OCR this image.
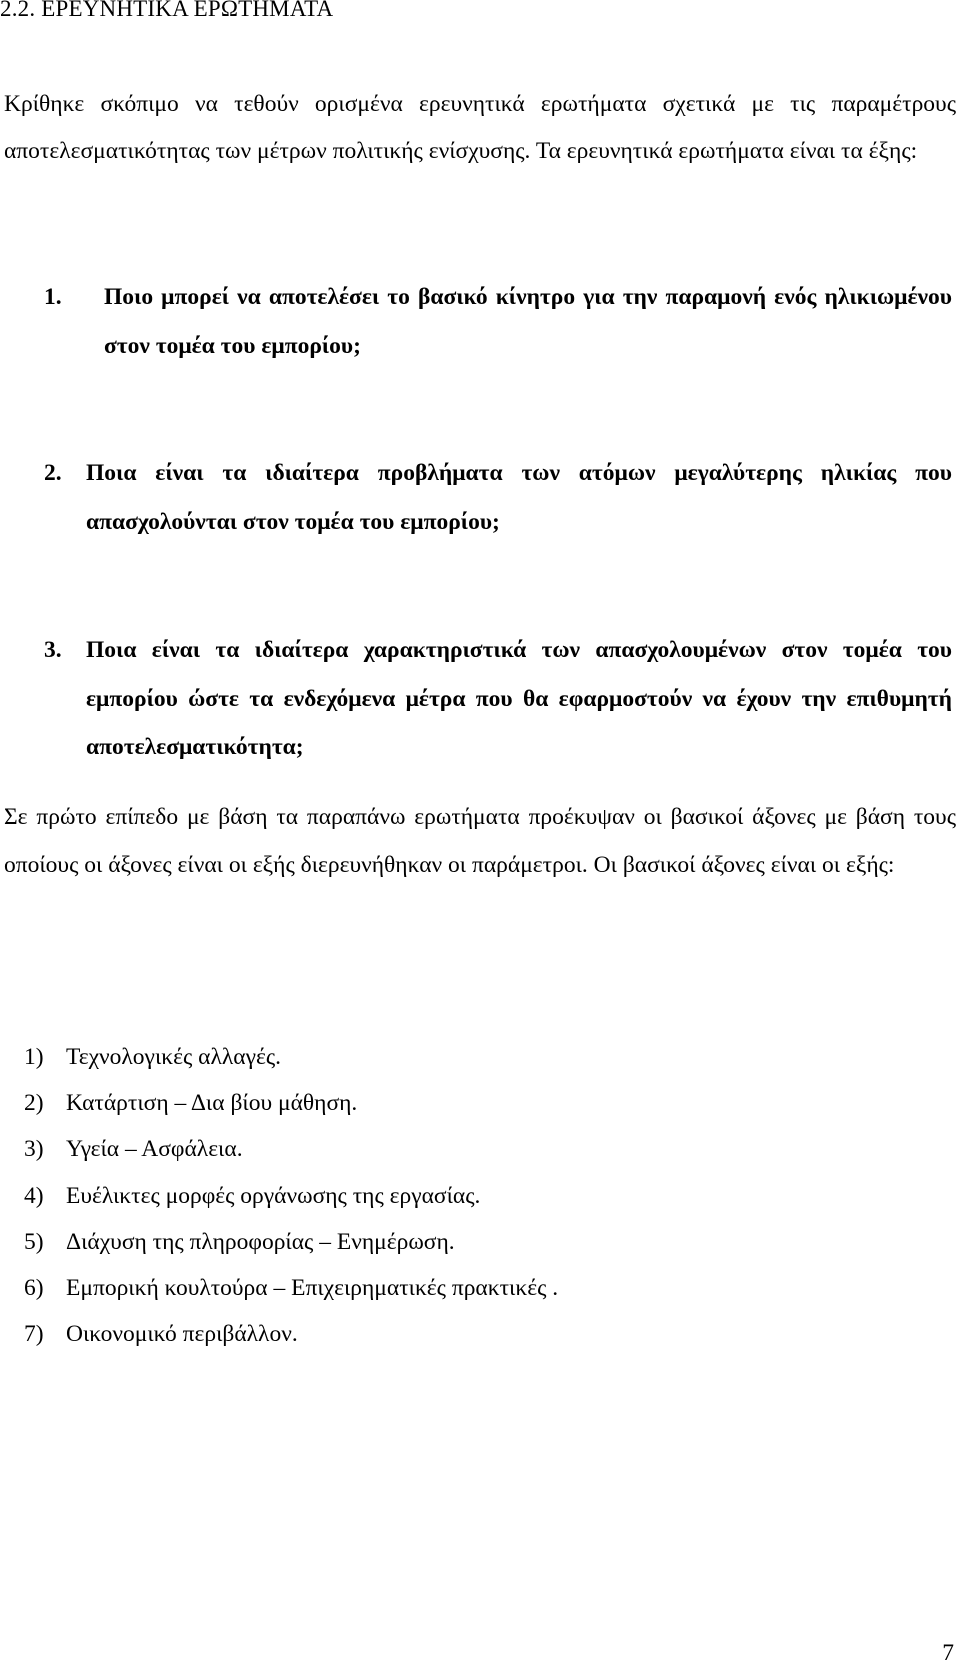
2.2. ΕΡΕΥΝΗΤΙΚΑ ΕΡΩΤΗΜΑΤΑ

Κρίθηκε σκόπιμο να τεθούν ορισμένα ερευνητικά ερωτήματα σχετικά με τις παραμέτρους αποτελεσματικότητας των μέτρων πολιτικής ενίσχυσης. Τα ερευνητικά ερωτήματα είναι τα έξης:

1.	Ποιο μπορεί να αποτελέσει το βασικό κίνητρο για την παραμονή ενός ηλικιωμένου στον τομέα του εμπορίου;
2.	Ποια είναι τα ιδιαίτερα προβλήματα των ατόμων μεγαλύτερης ηλικίας που απασχολούνται στον τομέα του εμπορίου;
3.	Ποια είναι τα ιδιαίτερα χαρακτηριστικά των απασχολουμένων στον τομέα του εμπορίου ώστε τα ενδεχόμενα μέτρα που θα εφαρμοστούν να έχουν την επιθυμητή αποτελεσματικότητα;

Σε πρώτο επίπεδο με βάση τα παραπάνω ερωτήματα προέκυψαν οι βασικοί άξονες με βάση τους οποίους οι άξονες είναι οι εξής διερευνήθηκαν οι παράμετροι. Οι βασικοί άξονες είναι οι εξής:

1) Τεχνολογικές αλλαγές.
2) Κατάρτιση – Δια βίου μάθηση.
3) Υγεία – Ασφάλεια.
4) Ευέλικτες μορφές οργάνωσης της εργασίας.
5) Διάχυση της πληροφορίας – Ενημέρωση.
6) Εμπορική κουλτούρα – Επιχειρηματικές πρακτικές .
7) Οικονομικό περιβάλλον.
7
